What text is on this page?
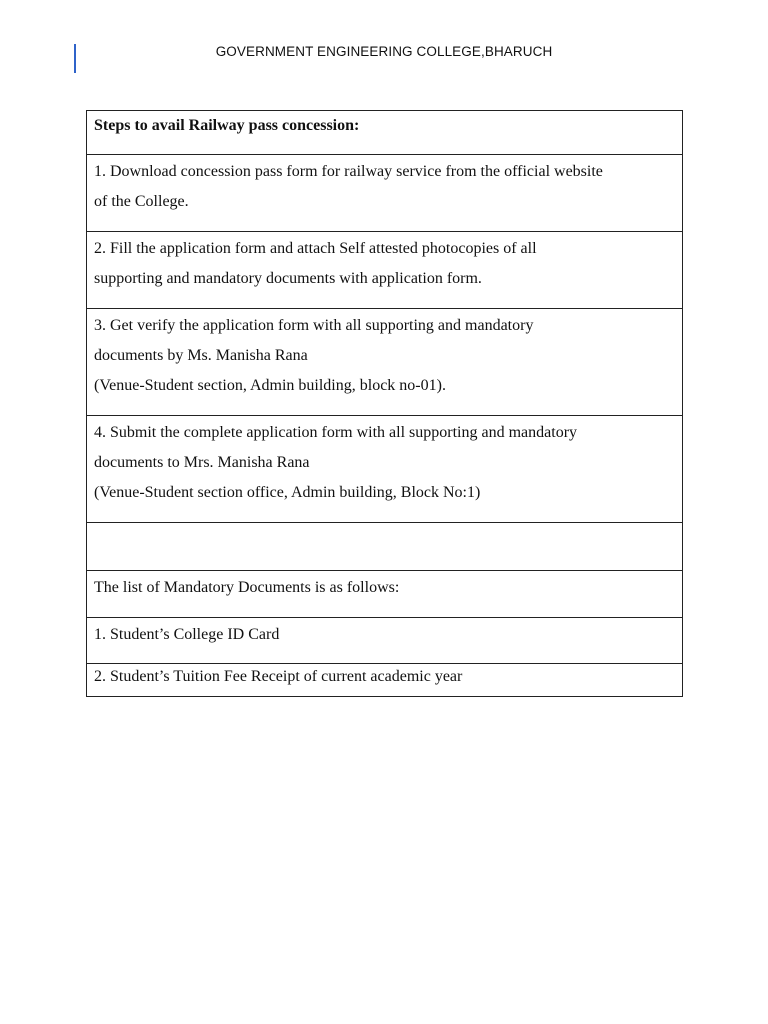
GOVERNMENT ENGINEERING COLLEGE,BHARUCH
Steps to avail Railway pass concession:

1. Download concession pass form for railway service from the official website
of the College.

2. Fill the application form and attach Self attested photocopies of all
supporting and mandatory documents with application form.

3. Get verify the application form with all supporting and mandatory
documents by Ms. Manisha Rana
(Venue-Student section, Admin building, block no-01).

4. Submit the complete application form with all supporting and mandatory
documents to Mrs. Manisha Rana
(Venue-Student section office, Admin building, Block No:1)

The list of Mandatory Documents is as follows:
1. Student’s College ID Card
2. Student’s Tuition Fee Receipt of current academic year
